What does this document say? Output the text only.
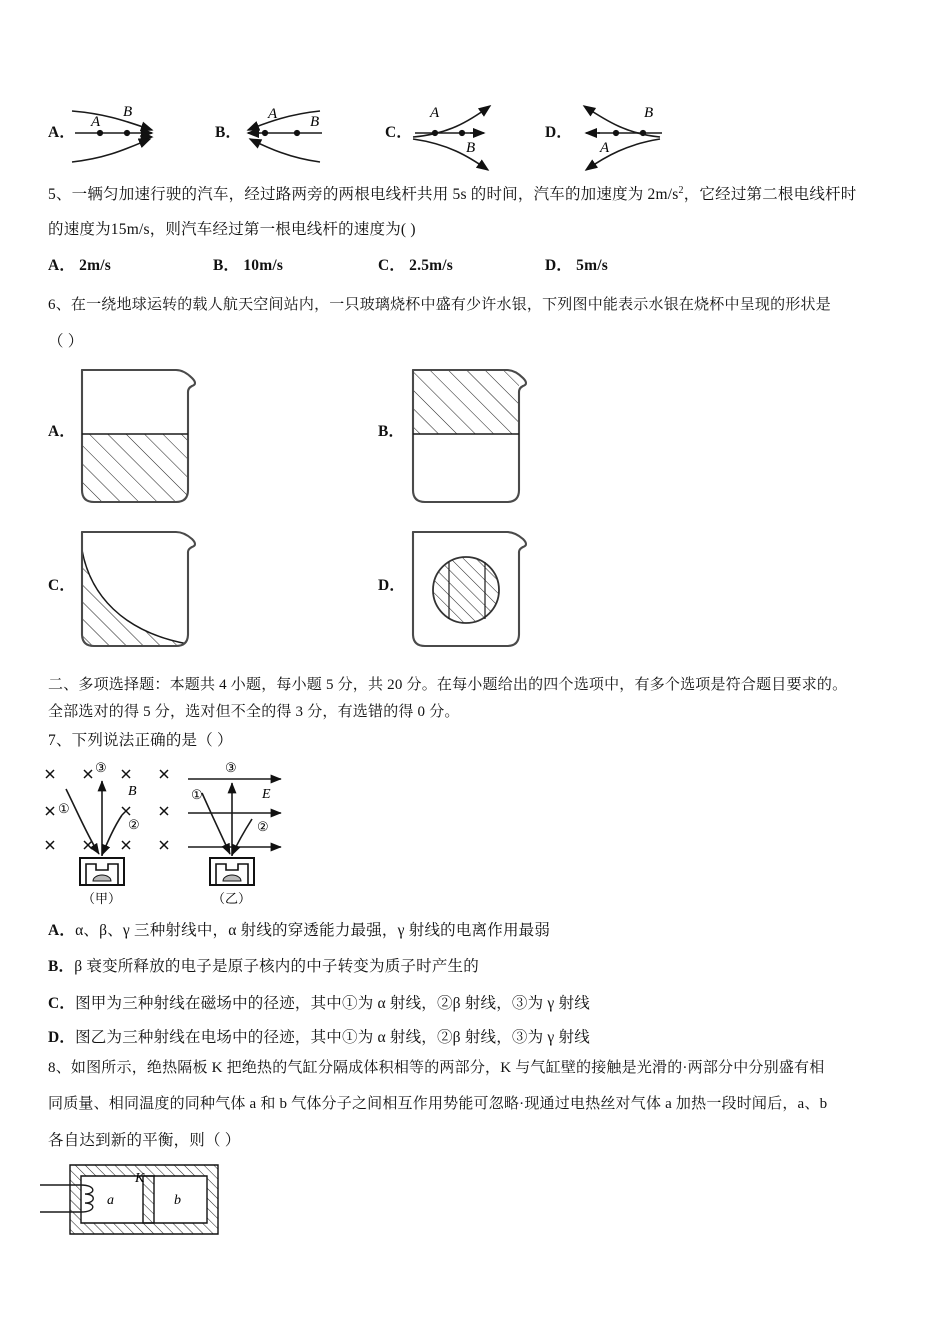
A
B	A B
A
B	A
B
A．	B．	C．	D．
5、一辆匀加速行驶的汽车，经过路两旁的两根电线杆共用 5s 的时间，汽车的加速度为 $2m/s^2$，它经过第二根电线杆时
的速度为15m/s，则汽车经过第一根电线杆的速度为( )
A． 2m/s	B． 10m/s	C． 2.5m/s	D． 5m/s
6、在一绕地球运转的载人航天空间站内，一只玻璃烧杯中盛有少许水银，下列图中能表示水银在烧杯中呈现的形状是
（ ）
A．	B．
C．	D．
二、多项选择题：本题共 4 小题，每小题 5 分，共 20 分。在每小题给出的四个选项中，有多个选项是符合题目要求的。
全部选对的得 5 分，选对但不全的得 3 分，有选错的得 0 分。
7、下列说法正确的是（ ）
B
①
②
③
（甲）
E
①
②
③
（乙）
A．α、β、γ 三种射线中，α 射线的穿透能力最强，γ 射线的电离作用最弱
B．β 衰变所释放的电子是原子核内的中子转变为质子时产生的
C．图甲为三种射线在磁场中的径迹，其中①为 α 射线，②β 射线，③为 γ 射线
D．图乙为三种射线在电场中的径迹，其中①为 α 射线，②β 射线，③为 γ 射线
8、如图所示，绝热隔板 K 把绝热的气缸分隔成体积相等的两部分，K 与气缸壁的接触是光滑的·两部分中分别盛有相
同质量、相同温度的同种气体 a 和 b 气体分子之间相互作用势能可忽略·现通过电热丝对气体 a 加热一段时闻后，a、b
各自达到新的平衡，则（ ）
a	b
K
